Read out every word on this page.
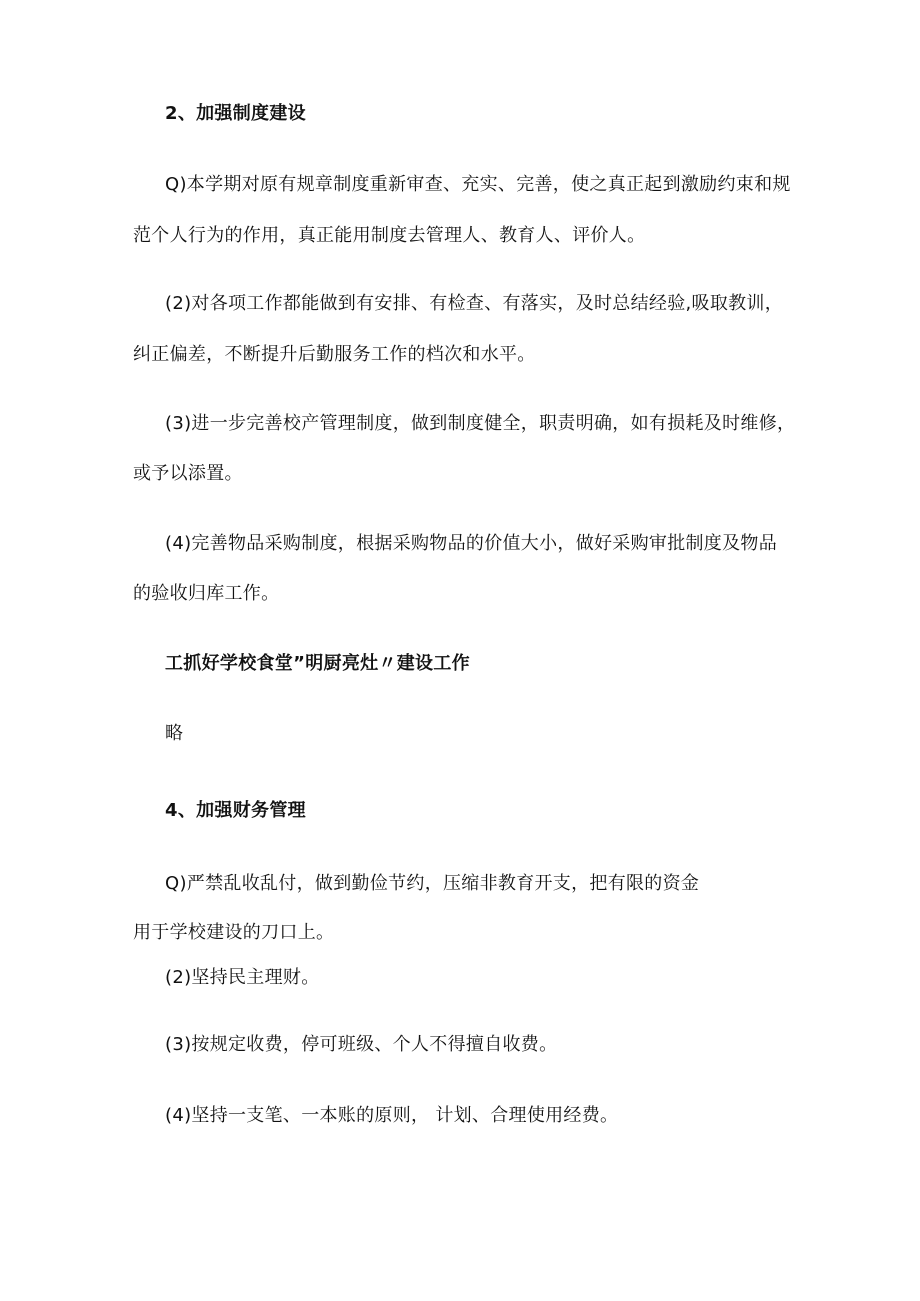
2、加强制度建设
Q)本学期对原有规章制度重新审查、充实、完善，使之真正起到激励约束和规
范个人行为的作用，真正能用制度去管理人、教育人、评价人。
(2)对各项工作都能做到有安排、有检查、有落实，及时总结经验,吸取教训，
纠正偏差，不断提升后勤服务工作的档次和水平。
(3)进一步完善校产管理制度，做到制度健全，职责明确，如有损耗及时维修，
或予以添置。
(4)完善物品采购制度，根据采购物品的价值大小，做好采购审批制度及物品
的验收归库工作。
工抓好学校食堂”明厨亮灶〃建设工作
略
4、加强财务管理
Q)严禁乱收乱付，做到勤俭节约，压缩非教育开支，把有限的资金
用于学校建设的刀口上。
(2)坚持民主理财。
(3)按规定收费，停可班级、个人不得擅自收费。
(4)坚持一支笔、一本账的原则， 计划、合理使用经费。
